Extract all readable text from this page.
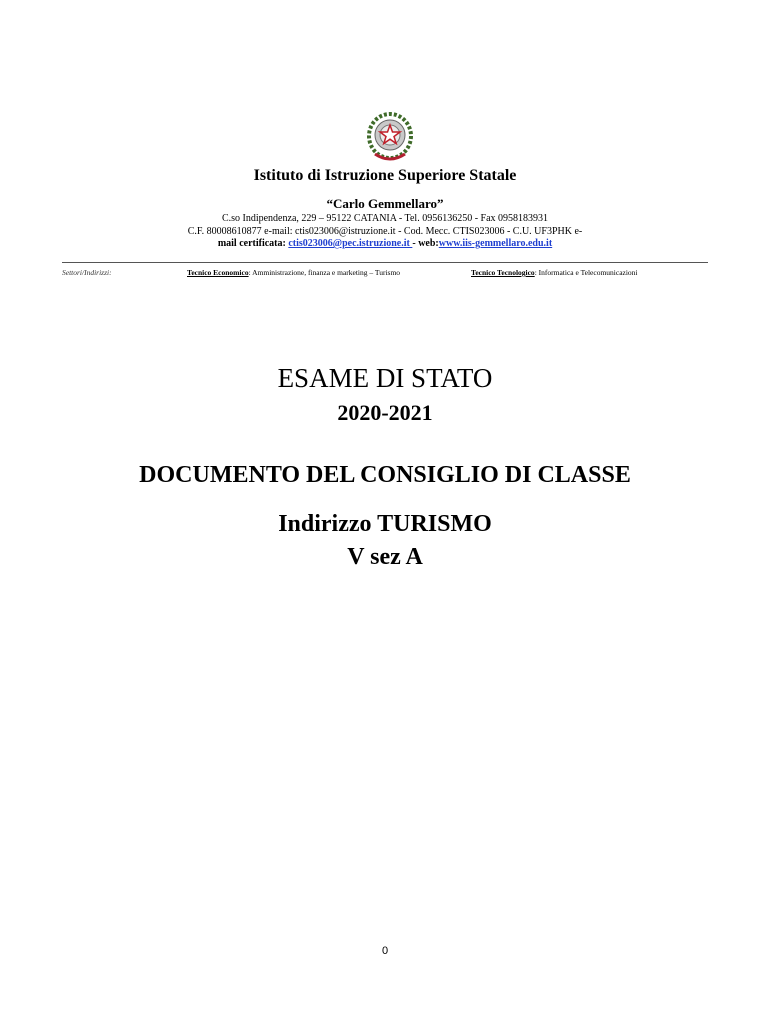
Istituto di Istruzione Superiore Statale
“Carlo Gemmellaro”
C.so Indipendenza, 229 – 95122 CATANIA - Tel. 0956136250 - Fax 0958183931
C.F. 80008610877 e-mail: ctis023006@istruzione.it - Cod. Mecc. CTIS023006 - C.U. UF3PHK e-
mail certificata: ctis023006@pec.istruzione.it - web:www.iis-gemmellaro.edu.it
Settori/Indirizzi:	Tecnico Economico: Amministrazione, finanza e marketing – Turismo	Tecnico Tecnologico: Informatica e Telecomunicazioni
ESAME DI STATO
2020-2021
DOCUMENTO DEL CONSIGLIO DI CLASSE
Indirizzo TURISMO
V sez A
0
